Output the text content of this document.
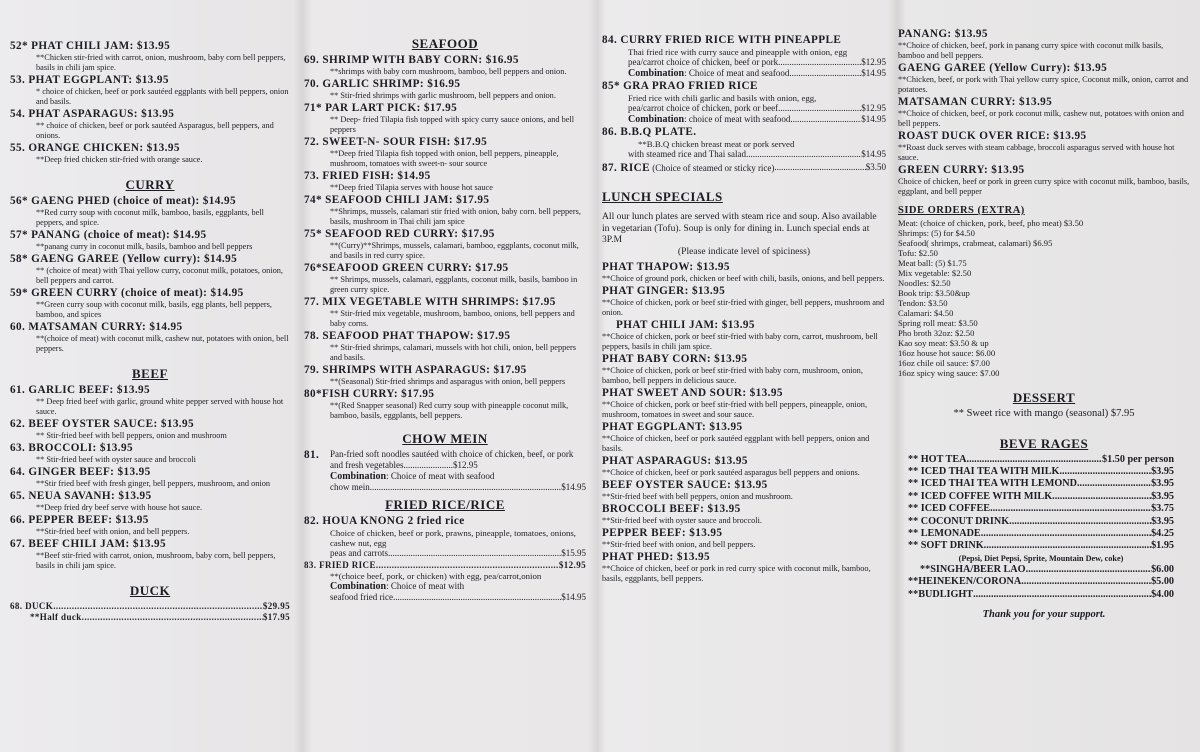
52* PHAT CHILI JAM: $13.95
**Chicken stir-fried with carrot, onion, mushroom, baby corn bell peppers, basils in chili jam spice.
53. PHAT EGGPLANT: $13.95
* choice of chicken, beef or pork sautéed eggplants with bell peppers, onion and basils.
54. PHAT ASPARAGUS: $13.95
** choice of chicken, beef or pork sautéed Asparagus, bell peppers, and onions.
55. ORANGE CHICKEN: $13.95
**Deep fried chicken stir-fried with orange sauce.
CURRY
56* GAENG PHED (choice of meat): $14.95
**Red curry soup with coconut milk, bamboo, basils, eggplants, bell peppers, and spice.
57* PANANG (choice of meat): $14.95
**panang curry in coconut milk, basils, bamboo and bell peppers
58* GAENG GAREE (Yellow curry): $14.95
** (choice of meat) with Thai yellow curry, coconut milk, potatoes, onion, bell peppers and carrot.
59* GREEN CURRY (choice of meat): $14.95
**Green curry soup with coconut milk, basils, egg plants, bell peppers, bamboo, and spices
60. MATSAMAN CURRY: $14.95
**(choice of meat) with coconut milk, cashew nut, potatoes with onion, bell peppers.
BEEF
61. GARLIC BEEF: $13.95
** Deep fried beef with garlic, ground white pepper served with house hot sauce.
62. BEEF OYSTER SAUCE: $13.95
** Stir-fried beef with bell peppers, onion and mushroom
63. BROCCOLI: $13.95
** Stir-fried beef with oyster sauce and broccoli
64. GINGER BEEF: $13.95
**Stir fried beef with fresh ginger, bell peppers, mushroom, and onion
65. NEUA SAVANH: $13.95
**Deep fried dry beef serve with house hot sauce.
66. PEPPER BEEF: $13.95
**Stir-fried beef with onion, and bell peppers.
67. BEEF CHILI JAM: $13.95
**Beef stir-fried with carrot, onion, mushroom, baby corn, bell peppers, basils in chili jam spice.
DUCK
68. DUCK .....	$29.95
**Half duck .....	$17.95
SEAFOOD
69. SHRIMP WITH BABY CORN: $16.95
**shrimps with baby corn mushroom, bamboo, bell peppers and onion.
70. GARLIC SHRIMP: $16.95
** Stir-fried shrimps with garlic mushroom, bell peppers and onion.
71* PAR LART PICK: $17.95
** Deep- fried Tilapia fish topped with spicy curry sauce onions, and bell peppers
72. SWEET-N- SOUR FISH: $17.95
**Deep fried Tilapia fish topped with onion, bell peppers, pineapple, mushroom, tomatoes with sweet-n- sour source
73. FRIED FISH: $14.95
**Deep fried Tilapia serves with house hot sauce
74* SEAFOOD CHILI JAM: $17.95
**Shrimps, mussels, calamari stir fried with onion, baby corn. bell peppers, basils, mushroom in Thai chili jam spice
75* SEAFOOD RED CURRY: $17.95
**(Curry)**Shrimps, mussels, calamari, bamboo, eggplants, coconut milk, and basils in red curry spice.
76*SEAFOOD GREEN CURRY: $17.95
** Shrimps, mussels, calamari, eggplants, coconut milk, basils, bamboo in green curry spice.
77. MIX VEGETABLE WITH SHRIMPS: $17.95
** Stir-fried mix vegetable, mushroom, bamboo, onions, bell peppers and baby corns.
78. SEAFOOD PHAT THAPOW: $17.95
** Stir-fried shrimps, calamari, mussels with hot chili, onion, bell peppers and basils.
79. SHRIMPS WITH ASPARAGUS: $17.95
**(Seasonal) Stir-fried shrimps and asparagus with onion, bell peppers
80*FISH CURRY: $17.95
**(Red Snapper seasonal) Red curry soup with pineapple coconut milk, bamboo, basils, eggplants, bell peppers.
CHOW MEIN
81.	Pan-fried soft noodles sautéed with choice of chicken, beef, or pork and fresh vegetables......................$12.95
Combination: Choice of meat with seafood
chow mein .....	$14.95
FRIED RICE/RICE
82. HOUA KNONG 2 fried rice
Choice of chicken, beef or pork, prawns, pineapple, tomatoes, onions, cashew nut, egg
peas and carrots .....	$15.95
83. FRIED RICE .....	$12.95
**(choice beef, pork, or chicken) with egg, pea/carrot,onion
Combination: Choice of meat with
seafood fried rice .....	$14.95
84. CURRY FRIED RICE WITH PINEAPPLE
Thai fried rice with curry sauce and pineapple with onion, egg
pea/carrot choice of chicken, beef or pork .....	$12.95
Combination: Choice of meat and seafood .....	$14.95
85* GRA PRAO FRIED RICE
Fried rice with chili garlic and basils with onion, egg,
pea/carrot choice of chicken, pork or beef .....	$12.95
Combination: choice of meat with seafood .....	$14.95
86. B.B.Q PLATE.
**B.B.Q chicken breast meat or pork served
with steamed rice and Thai salad .....	$14.95
87. RICE (Choice of steamed or sticky rice) .....	$3.50
LUNCH SPECIALS
All our lunch plates are served with steam rice and soup. Also available in vegetarian (Tofu). Soup is only for dining in. Lunch special ends at 3P.M
(Please indicate level of spiciness)
PHAT THAPOW: $13.95
**Choice of ground pork, chicken or beef with chili, basils, onions, and bell peppers.
PHAT GINGER: $13.95
**Choice of chicken, pork or beef stir-fried with ginger, bell peppers, mushroom and onion.
PHAT CHILI JAM: $13.95
**Choice of chicken, pork or beef stir-fried with baby corn, carrot, mushroom, bell peppers, basils in chili jam spice.
PHAT BABY CORN: $13.95
**Choice of chicken, pork or beef stir-fried with baby corn, mushroom, onion, bamboo, bell peppers in delicious sauce.
PHAT SWEET AND SOUR: $13.95
**Choice of chicken, pork or beef stir-fried with bell peppers, pineapple, onion, mushroom, tomatoes in sweet and sour sauce.
PHAT EGGPLANT: $13.95
**Choice of chicken, beef or pork sautéed eggplant with bell peppers, onion and basils.
PHAT ASPARAGUS: $13.95
**Choice of chicken, beef or pork sautéed asparagus bell peppers and onions.
BEEF OYSTER SAUCE: $13.95
**Stir-fried beef with bell peppers, onion and mushroom.
BROCCOLI BEEF: $13.95
**Stir-fried beef with oyster sauce and broccoli.
PEPPER BEEF: $13.95
**Stir-fried beef with onion, and bell peppers.
PHAT PHED: $13.95
**Choice of chicken, beef or pork in red curry spice with coconut milk, bamboo, basils, eggplants, bell peppers.
PANANG: $13.95
**Choice of chicken, beef, pork in panang curry spice with coconut milk basils, bamboo and bell peppers.
GAENG GAREE (Yellow Curry): $13.95
**Chicken, beef, or pork with Thai yellow curry spice, Coconut milk, onion, carrot and potatoes.
MATSAMAN CURRY: $13.95
**Choice of chicken, beef, or pork coconut milk, cashew nut, potatoes with onion and bell peppers.
ROAST DUCK OVER RICE: $13.95
**Roast duck serves with steam cabbage, broccoli asparagus served with house hot sauce.
GREEN CURRY: $13.95
Choice of chicken, beef or pork in green curry spice with coconut milk, bamboo, basils, eggplant, and bell pepper
SIDE ORDERS (EXTRA)
Meat: (choice of chicken, pork, beef, pho meat) $3.50
Shrimps: (5) for $4.50
Seafood( shrimps, crabmeat, calamari) $6.95
Tofu: $2.50
Meat ball: (5) $1.75
Mix vegetable: $2.50
Noodles: $2.50
Book trip: $3.50&up
Tendon: $3.50
Calamari: $4.50
Spring roll meat: $3.50
Pho broth 32oz: $2.50
Kao soy meat: $3.50 & up
16oz house hot sauce: $6.00
16oz chile oil sauce: $7.00
16oz spicy wing sauce: $7.00
DESSERT
** Sweet rice with mango (seasonal) $7.95
BEVE RAGES
** HOT TEA .....	$1.50 per person
** ICED THAI TEA WITH MILK .....	$3.95
** ICED THAI TEA WITH LEMOND .....	$3.95
** ICED COFFEE WITH MILK .....	$3.95
** ICED COFFEE .....	$3.75
** COCONUT DRINK .....	$3.95
** LEMONADE .....	$4.25
** SOFT DRINK .....	$1.95
(Pepsi, Diet Pepsi, Sprite, Mountain Dew, coke)
**SINGHA/BEER LAO .....	$6.00
**HEINEKEN/CORONA .....	$5.00
**BUDLIGHT .....	$4.00
Thank you for your support.
